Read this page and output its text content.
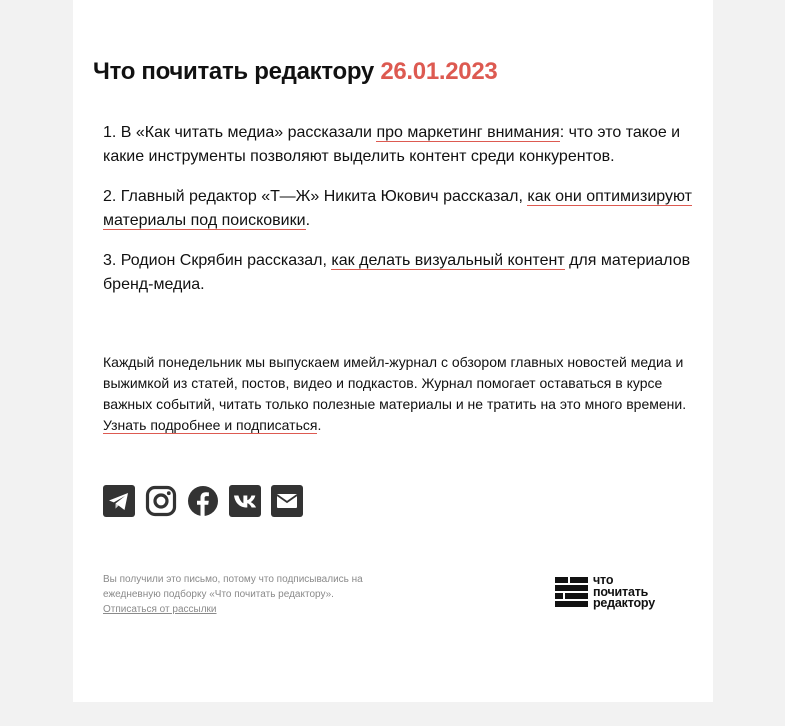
Что почитать редактору 26.01.2023

1. В «Как читать медиа» рассказали про маркетинг внимания: что это такое и какие инструменты позволяют выделить контент среди конкурентов.

2. Главный редактор «Т—Ж» Никита Юкович рассказал, как они оптимизируют материалы под поисковики.

3. Родион Скрябин рассказал, как делать визуальный контент для материалов бренд-медиа.

Каждый понедельник мы выпускаем имейл-журнал с обзором главных новостей медиа и выжимкой из статей, постов, видео и подкастов. Журнал помогает оставаться в курсе важных событий, читать только полезные материалы и не тратить на это много времени. Узнать подробнее и подписаться.
Вы получили это письмо, потому что подписывались на ежедневную подборку «Что почитать редактору».
Отписаться от рассылки
что
почитать
редактору
